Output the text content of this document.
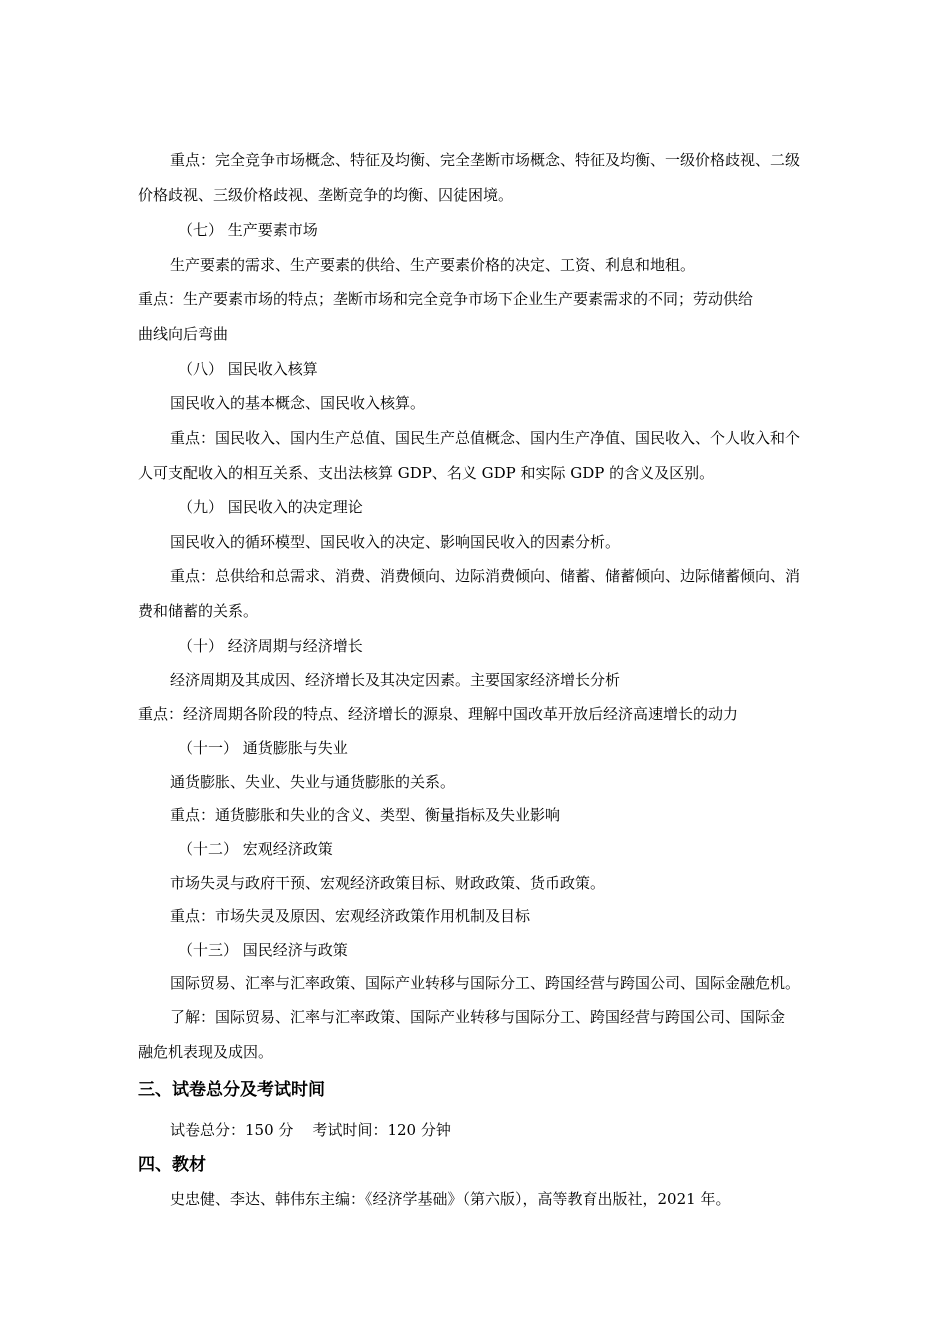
重点：完全竞争市场概念、特征及均衡、完全垄断市场概念、特征及均衡、一级价格歧视、二级
价格歧视、三级价格歧视、垄断竞争的均衡、囚徒困境。
（七） 生产要素市场
生产要素的需求、生产要素的供给、生产要素价格的决定、工资、利息和地租。
重点：生产要素市场的特点；垄断市场和完全竞争市场下企业生产要素需求的不同；劳动供给
曲线向后弯曲
（八） 国民收入核算
国民收入的基本概念、国民收入核算。
重点：国民收入、国内生产总值、国民生产总值概念、国内生产净值、国民收入、个人收入和个
人可支配收入的相互关系、支出法核算 GDP、名义 GDP 和实际 GDP 的含义及区别。
（九） 国民收入的决定理论
国民收入的循环模型、国民收入的决定、影响国民收入的因素分析。
重点：总供给和总需求、消费、消费倾向、边际消费倾向、储蓄、储蓄倾向、边际储蓄倾向、消
费和储蓄的关系。
（十） 经济周期与经济增长
经济周期及其成因、经济增长及其决定因素。主要国家经济增长分析
重点：经济周期各阶段的特点、经济增长的源泉、理解中国改革开放后经济高速增长的动力
（十一） 通货膨胀与失业
通货膨胀、失业、失业与通货膨胀的关系。
重点：通货膨胀和失业的含义、类型、衡量指标及失业影响
（十二） 宏观经济政策
市场失灵与政府干预、宏观经济政策目标、财政政策、货币政策。
重点：市场失灵及原因、宏观经济政策作用机制及目标
（十三） 国民经济与政策
国际贸易、汇率与汇率政策、国际产业转移与国际分工、跨国经营与跨国公司、国际金融危机。
了解：国际贸易、汇率与汇率政策、国际产业转移与国际分工、跨国经营与跨国公司、国际金
融危机表现及成因。
三、试卷总分及考试时间
试卷总分：150 分    考试时间：120 分钟
四、教材
史忠健、李达、韩伟东主编：《经济学基础》（第六版），高等教育出版社，2021 年。
